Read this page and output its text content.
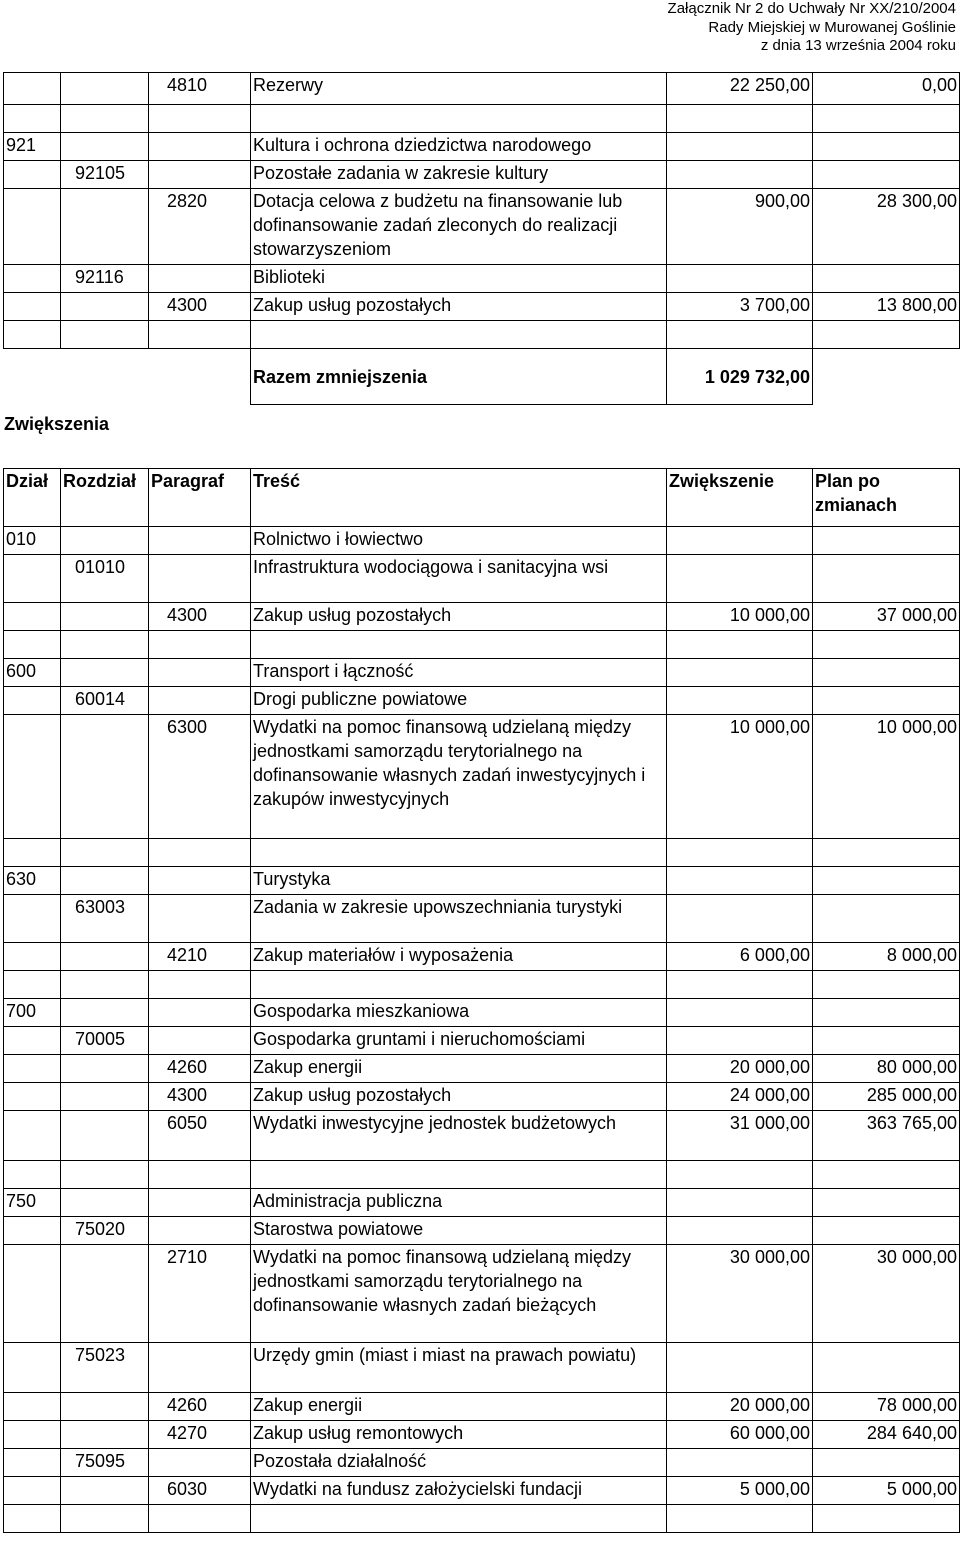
Załącznik Nr 2 do Uchwały Nr XX/210/2004
Rady Miejskiej w Murowanej Goślinie
z dnia 13 września 2004 roku
		4810	Rezerwy	22 250,00	0,00

921			Kultura i ochrona dziedzictwa narodowego		
	92105		Pozostałe zadania w zakresie kultury		
		2820	Dotacja celowa z budżetu na finansowanie lub dofinansowanie zadań zleconych do realizacji stowarzyszeniom	900,00	28 300,00
	92116		Biblioteki		
		4300	Zakup usług pozostałych	3 700,00	13 800,00

			Razem zmniejszenia	1 029 732,00	
Zwiększenia
Dział	Rozdział	Paragraf	Treść	Zwiększenie	Plan po zmianach
010			Rolnictwo i łowiectwo		
	01010		Infrastruktura wodociągowa i sanitacyjna wsi		
		4300	Zakup usług pozostałych	10 000,00	37 000,00

600			Transport i łączność		
	60014		Drogi publiczne powiatowe		
		6300	Wydatki na pomoc finansową udzielaną między jednostkami samorządu terytorialnego na dofinansowanie własnych zadań inwestycyjnych i zakupów inwestycyjnych	10 000,00	10 000,00

630			Turystyka		
	63003		Zadania w zakresie upowszechniania turystyki		
		4210	Zakup materiałów i wyposażenia	6 000,00	8 000,00

700			Gospodarka mieszkaniowa		
	70005		Gospodarka gruntami i nieruchomościami		
		4260	Zakup energii	20 000,00	80 000,00
		4300	Zakup usług pozostałych	24 000,00	285 000,00
		6050	Wydatki inwestycyjne jednostek budżetowych	31 000,00	363 765,00

750			Administracja publiczna		
	75020		Starostwa powiatowe		
		2710	Wydatki na pomoc finansową udzielaną między jednostkami samorządu terytorialnego na dofinansowanie własnych zadań bieżących	30 000,00	30 000,00
	75023		Urzędy gmin (miast i miast na prawach powiatu)		
		4260	Zakup energii	20 000,00	78 000,00
		4270	Zakup usług remontowych	60 000,00	284 640,00
	75095		Pozostała działalność		
		6030	Wydatki na fundusz założycielski fundacji	5 000,00	5 000,00
